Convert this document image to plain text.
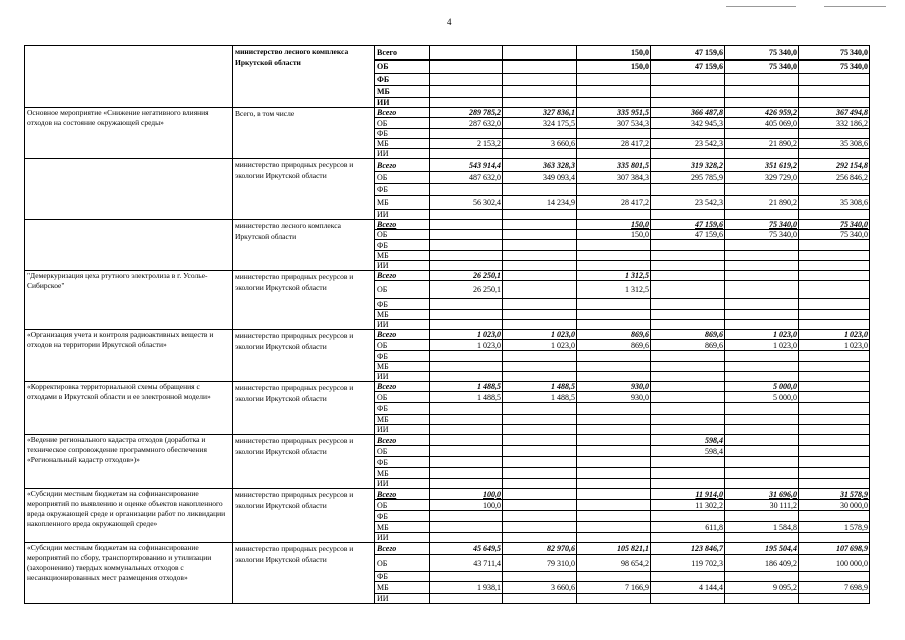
4
	министерство лесного комплекса Иркутской области	Всего			150,0	47 159,6	75 340,0	75 340,0
		ОБ			150,0	47 159,6	75 340,0	75 340,0
		ФБ						
		МБ						
		ИИ						
Основное мероприятие «Снижение негативного влияния отходов на состояние окружающей среды»	Всего, в том числе	Всего	289 785,2	327 836,1	335 951,5	366 487,8	426 959,2	367 494,8
		ОБ	287 632,0	324 175,5	307 534,3	342 945,3	405 069,0	332 186,2
		ФБ						
		МБ	2 153,2	3 660,6	28 417,2	23 542,3	21 890,2	35 308,6
		ИИ						
	министерство природных ресурсов и экологии Иркутской области	Всего	543 914,4	363 328,3	335 801,5	319 328,2	351 619,2	292 154,8
		ОБ	487 632,0	349 093,4	307 384,3	295 785,9	329 729,0	256 846,2
		ФБ						
		МБ	56 302,4	14 234,9	28 417,2	23 542,3	21 890,2	35 308,6
		ИИ						
	министерство лесного комплекса Иркутской области	Всего			150,0	47 159,6	75 340,0	75 340,0
		ОБ			150,0	47 159,6	75 340,0	75 340,0
		ФБ						
		МБ						
		ИИ						
"Демеркуризация цеха ртутного электролиза в г. Усолье-Сибирское"	министерство природных ресурсов и экологии Иркутской области	Всего	26 250,1		1 312,5			
		ОБ	26 250,1		1 312,5			
		ФБ						
		МБ						
		ИИ						
«Организация учета и контроля радиоактивных веществ и отходов на территории Иркутской области»	министерство природных ресурсов и экологии Иркутской области	Всего	1 023,0	1 023,0	869,6	869,6	1 023,0	1 023,0
		ОБ	1 023,0	1 023,0	869,6	869,6	1 023,0	1 023,0
		ФБ						
		МБ						
		ИИ						
«Корректировка территориальной схемы обращения с отходами в Иркутской области и ее электронной модели»	министерство природных ресурсов и экологии Иркутской области	Всего	1 488,5	1 488,5	930,0		5 000,0	
		ОБ	1 488,5	1 488,5	930,0		5 000,0	
		ФБ						
		МБ						
		ИИ						
«Ведение регионального кадастра отходов (доработка и техническое сопровождение программного обеспечения «Региональный кадастр отходов»)»	министерство природных ресурсов и экологии Иркутской области	Всего				598,4		
		ОБ				598,4		
		ФБ						
		МБ						
		ИИ						
«Субсидии местным бюджетам на софинансирование мероприятий по выявлению и оценке объектов накопленного вреда окружающей среде и организации работ по ликвидации накопленного вреда окружающей среде»	министерство природных ресурсов и экологии Иркутской области	Всего	100,0			11 914,0	31 696,0	31 578,9
		ОБ	100,0			11 302,2	30 111,2	30 000,0
		ФБ						
		МБ				611,8	1 584,8	1 578,9
		ИИ						
«Субсидии местным бюджетам на софинансирование мероприятий по сбору, транспортированию и утилизации (захоронению) твердых коммунальных отходов с несанкционированных мест размещения отходов»	министерство природных ресурсов и экологии Иркутской области	Всего	45 649,5	82 970,6	105 821,1	123 846,7	195 504,4	107 698,9
		ОБ	43 711,4	79 310,0	98 654,2	119 702,3	186 409,2	100 000,0
		ФБ						
		МБ	1 938,1	3 660,6	7 166,9	4 144,4	9 095,2	7 698,9
		ИИ						
